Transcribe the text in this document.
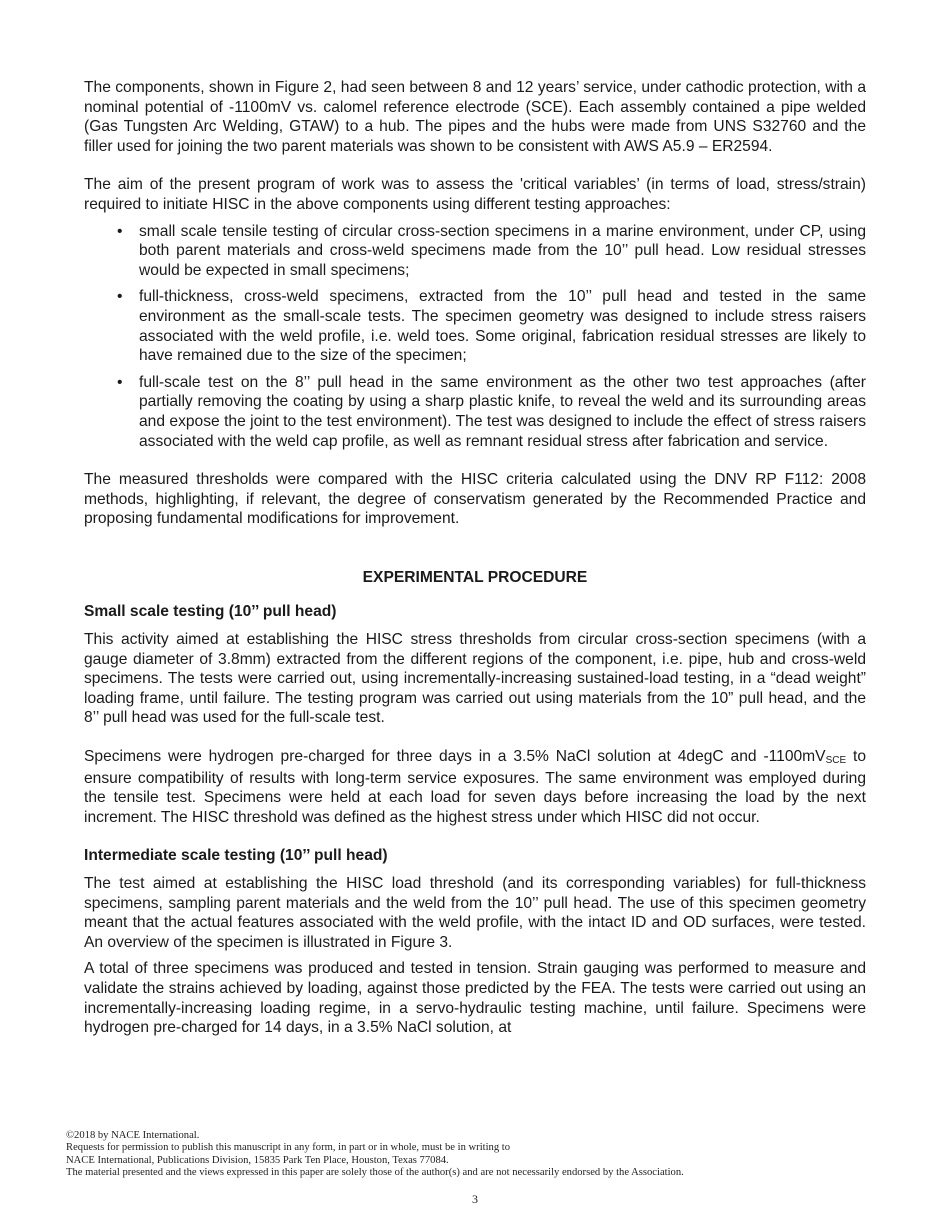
The components, shown in Figure 2, had seen between 8 and 12 years’ service, under cathodic protection, with a nominal potential of -1100mV vs. calomel reference electrode (SCE). Each assembly contained a pipe welded (Gas Tungsten Arc Welding, GTAW) to a hub. The pipes and the hubs were made from UNS S32760 and the filler used for joining the two parent materials was shown to be consistent with AWS A5.9 – ER2594.

The aim of the present program of work was to assess the 'critical variables’ (in terms of load, stress/strain) required to initiate HISC in the above components using different testing approaches:

• small scale tensile testing of circular cross-section specimens in a marine environment, under CP, using both parent materials and cross-weld specimens made from the 10’’ pull head. Low residual stresses would be expected in small specimens;
• full-thickness, cross-weld specimens, extracted from the 10’’ pull head and tested in the same environment as the small-scale tests. The specimen geometry was designed to include stress raisers associated with the weld profile, i.e. weld toes. Some original, fabrication residual stresses are likely to have remained due to the size of the specimen;
• full-scale test on the 8’’ pull head in the same environment as the other two test approaches (after partially removing the coating by using a sharp plastic knife, to reveal the weld and its surrounding areas and expose the joint to the test environment). The test was designed to include the effect of stress raisers associated with the weld cap profile, as well as remnant residual stress after fabrication and service.

The measured thresholds were compared with the HISC criteria calculated using the DNV RP F112: 2008 methods, highlighting, if relevant, the degree of conservatism generated by the Recommended Practice and proposing fundamental modifications for improvement.

EXPERIMENTAL PROCEDURE
Small scale testing (10’’ pull head)

This activity aimed at establishing the HISC stress thresholds from circular cross-section specimens (with a gauge diameter of 3.8mm) extracted from the different regions of the component, i.e. pipe, hub and cross-weld specimens. The tests were carried out, using incrementally-increasing sustained-load testing, in a “dead weight” loading frame, until failure. The testing program was carried out using materials from the 10” pull head, and the 8’’ pull head was used for the full-scale test.

Specimens were hydrogen pre-charged for three days in a 3.5% NaCl solution at 4degC and $-1100mV_{SCE}$ to ensure compatibility of results with long-term service exposures. The same environment was employed during the tensile test. Specimens were held at each load for seven days before increasing the load by the next increment. The HISC threshold was defined as the highest stress under which HISC did not occur.

Intermediate scale testing (10’’ pull head)

The test aimed at establishing the HISC load threshold (and its corresponding variables) for full-thickness specimens, sampling parent materials and the weld from the 10’’ pull head. The use of this specimen geometry meant that the actual features associated with the weld profile, with the intact ID and OD surfaces, were tested. An overview of the specimen is illustrated in Figure 3.

A total of three specimens was produced and tested in tension. Strain gauging was performed to measure and validate the strains achieved by loading, against those predicted by the FEA. The tests were carried out using an incrementally-increasing loading regime, in a servo-hydraulic testing machine, until failure. Specimens were hydrogen pre-charged for 14 days, in a 3.5% NaCl solution, at

©2018 by NACE International.
Requests for permission to publish this manuscript in any form, in part or in whole, must be in writing to
NACE International, Publications Division, 15835 Park Ten Place, Houston, Texas 77084.
The material presented and the views expressed in this paper are solely those of the author(s) and are not necessarily endorsed by the Association.
3
